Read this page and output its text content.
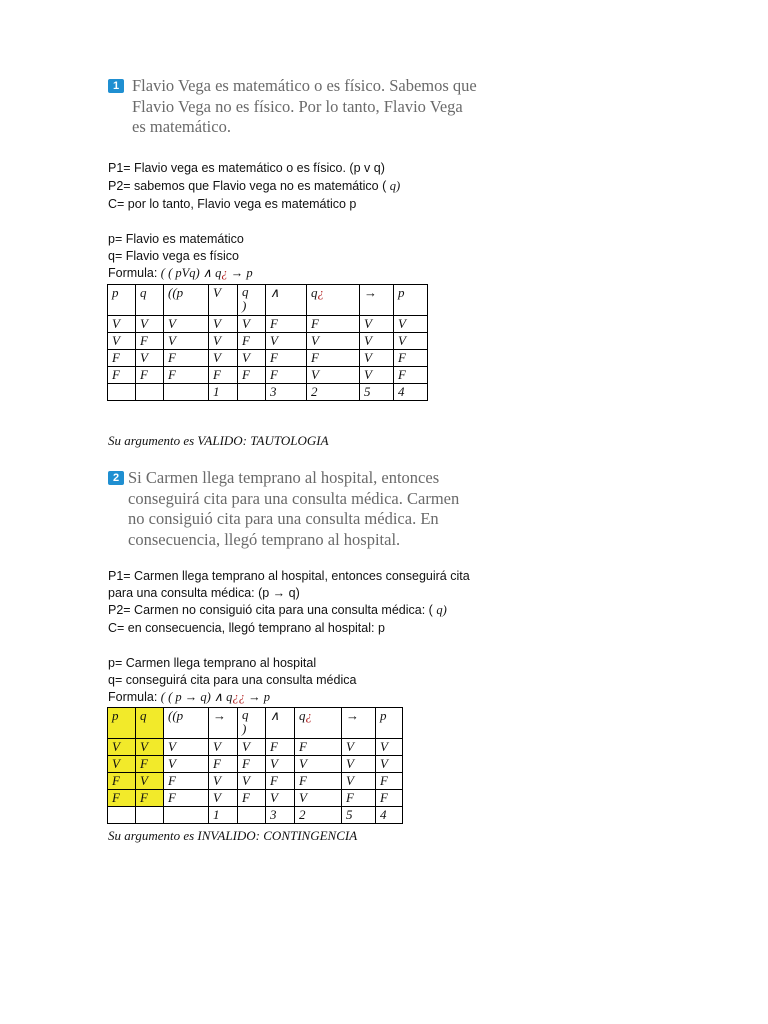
1 Flavio Vega es matemático o es físico. Sabemos que Flavio Vega no es físico. Por lo tanto, Flavio Vega es matemático.
P1= Flavio vega es matemático o es físico. (p v q)
P2= sabemos que Flavio vega no es matemático ( q)
C= por lo tanto, Flavio vega es matemático p
p= Flavio es matemático
q= Flavio vega es físico
Formula: ( ( pVq) ∧ q¿ → p
p	q	((p	V	q
)	∧	q¿	→	p
V	V	V	V	V	F	F	V	V
V	F	V	V	F	V	V	V	V
F	V	F	V	V	F	F	V	F
F	F	F	F	F	F	V	V	F
			1		3	2	5	4
Su argumento es VALIDO: TAUTOLOGIA
2 Si Carmen llega temprano al hospital, entonces conseguirá cita para una consulta médica. Carmen no consiguió cita para una consulta médica. En consecuencia, llegó temprano al hospital.
P1= Carmen llega temprano al hospital, entonces conseguirá cita
para una consulta médica: (p → q)
P2= Carmen no consiguió cita para una consulta médica: ( q)
C= en consecuencia, llegó temprano al hospital: p
p= Carmen llega temprano al hospital
q= conseguirá cita para una consulta médica
Formula: ( ( p → q) ∧ q¿¿ → p
p	q	((p	→	q
)	∧	q¿	→	p
V	V	V	V	V	F	F	V	V
V	F	V	F	F	V	V	V	V
F	V	F	V	V	F	F	V	F
F	F	F	V	F	V	V	F	F
			1		3	2	5	4
Su argumento es INVALIDO: CONTINGENCIA
